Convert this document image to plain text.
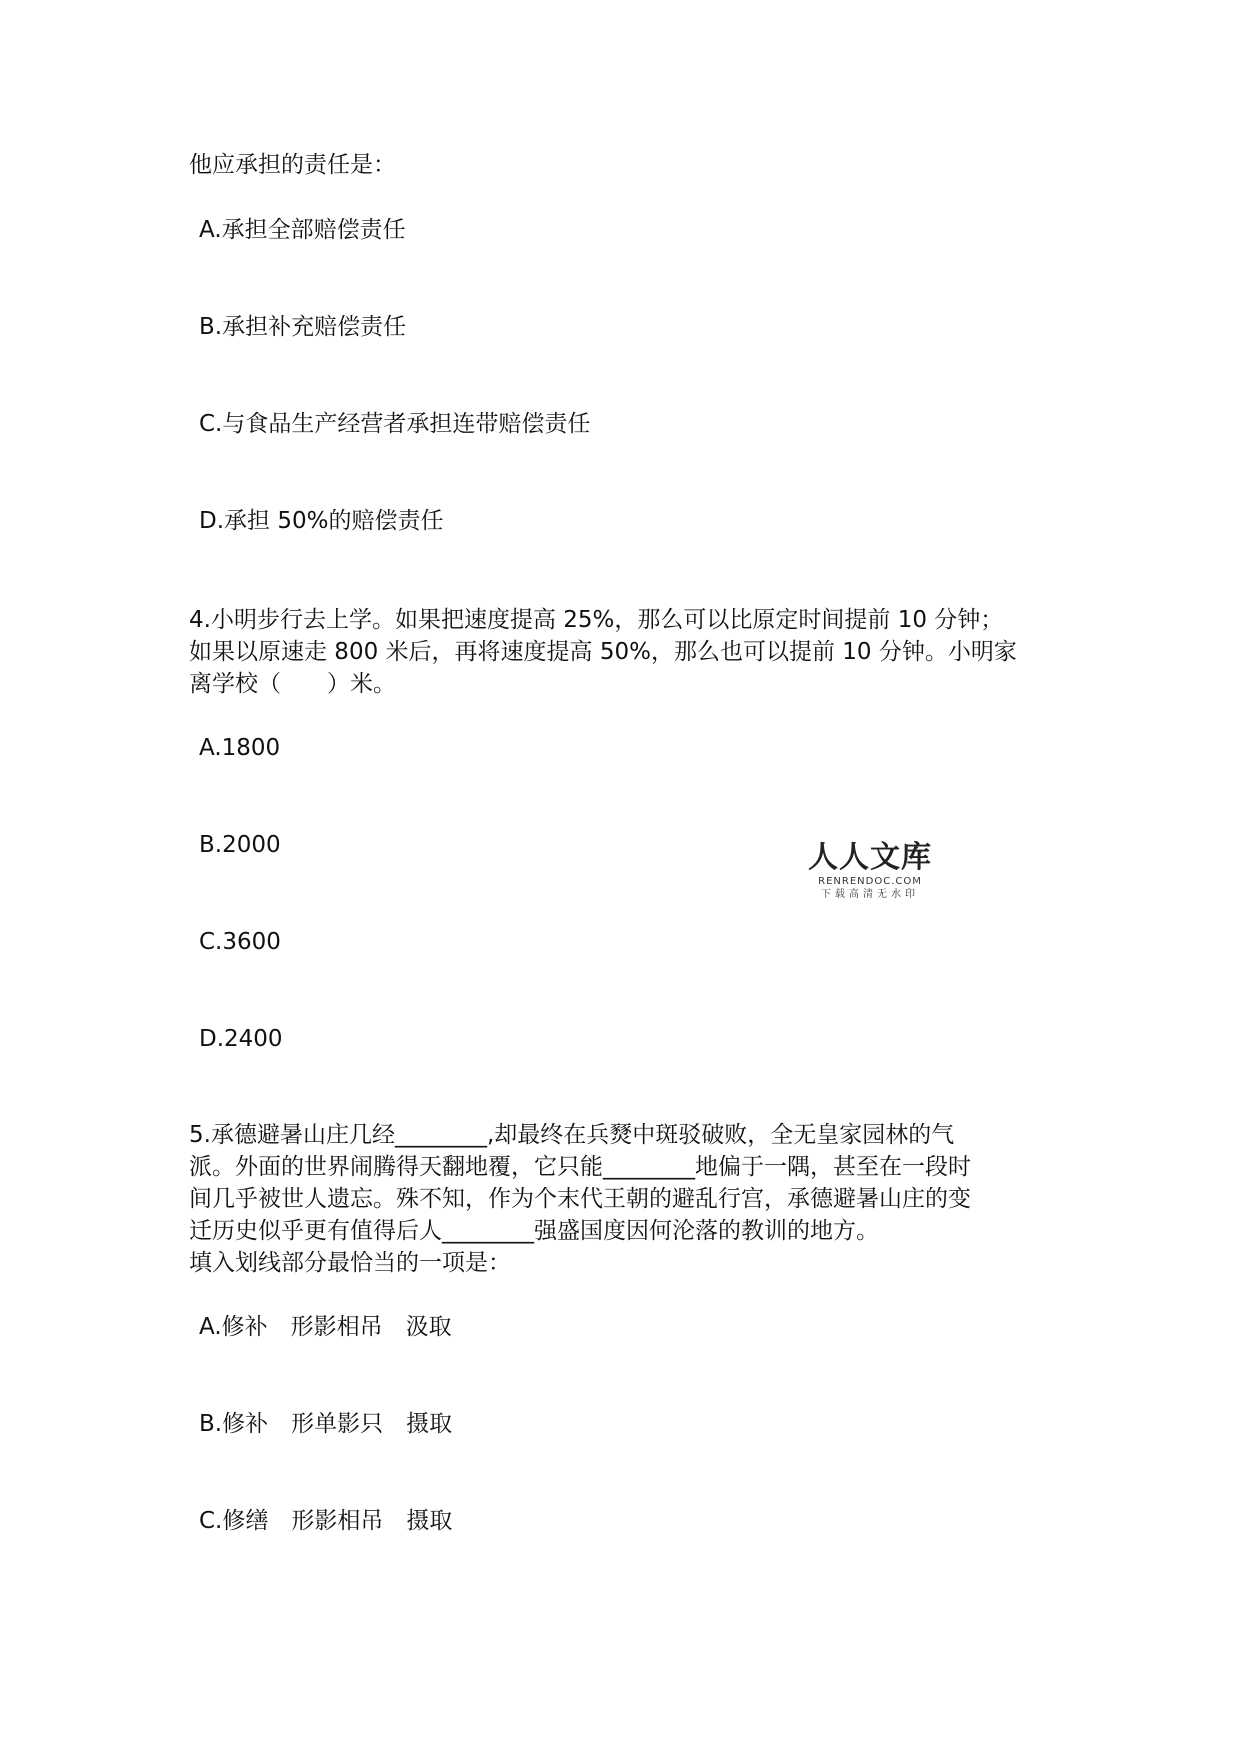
他应承担的责任是：
A.承担全部赔偿责任
B.承担补充赔偿责任
C.与食品生产经营者承担连带赔偿责任
D.承担 50%的赔偿责任
4.小明步行去上学。如果把速度提高 25%，那么可以比原定时间提前 10 分钟；
如果以原速走 800 米后，再将速度提高 50%，那么也可以提前 10 分钟。小明家
离学校（　　）米。
A.1800
B.2000
C.3600
D.2400
人人文库
RENRENDOC.COM
下载高清无水印
5.承德避暑山庄几经________,却最终在兵燹中斑驳破败，全无皇家园林的气
派。外面的世界闹腾得天翻地覆，它只能________地偏于一隅，甚至在一段时
间几乎被世人遗忘。殊不知，作为个末代王朝的避乱行宫，承德避暑山庄的变
迁历史似乎更有值得后人________强盛国度因何沦落的教训的地方。
填入划线部分最恰当的一项是：
A.修补　形影相吊　汲取
B.修补　形单影只　摄取
C.修缮　形影相吊　摄取
